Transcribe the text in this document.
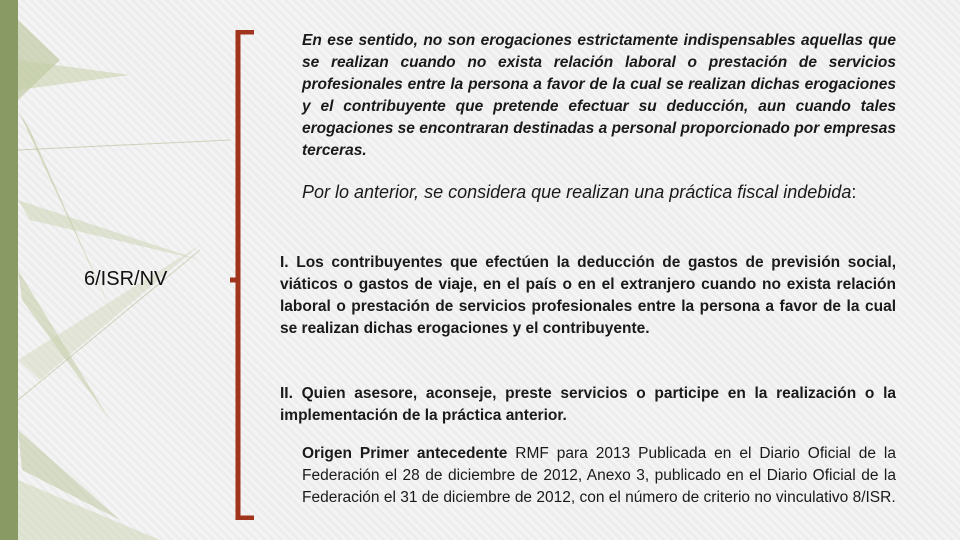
6/ISR/NV
En ese sentido, no son erogaciones estrictamente indispensables aquellas que se realizan cuando no exista relación laboral o prestación de servicios profesionales entre la persona a favor de la cual se realizan dichas erogaciones y el contribuyente que pretende efectuar su deducción, aun cuando tales erogaciones se encontraran destinadas a personal proporcionado por empresas terceras.
Por lo anterior, se considera que realizan una práctica fiscal indebida:
I. Los contribuyentes que efectúen la deducción de gastos de previsión social, viáticos o gastos de viaje, en el país o en el extranjero cuando no exista relación laboral o prestación de servicios profesionales entre la persona a favor de la cual se realizan dichas erogaciones y el contribuyente.
II. Quien asesore, aconseje, preste servicios o participe en la realización o la implementación de la práctica anterior.
Origen Primer antecedente RMF para 2013 Publicada en el Diario Oficial de la Federación el 28 de diciembre de 2012, Anexo 3, publicado en el Diario Oficial de la Federación el 31 de diciembre de 2012, con el número de criterio no vinculativo 8/ISR.
